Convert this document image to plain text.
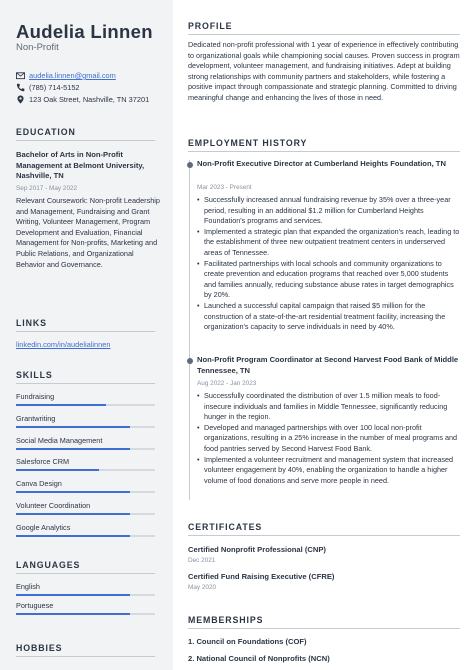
Audelia Linnen
Non-Profit
audelia.linnen@gmail.com
(785) 714-5152
123 Oak Street, Nashville, TN 37201
EDUCATION
Bachelor of Arts in Non-Profit Management at Belmont University, Nashville, TN
Sep 2017 - May 2022
Relevant Coursework: Non-profit Leadership and Management, Fundraising and Grant Writing, Volunteer Management, Program Development and Evaluation, Financial Management for Non-profits, Marketing and Public Relations, and Organizational Behavior and Governance.
LINKS
linkedin.com/in/audelialinnen
SKILLS
Fundraising
Grantwriting
Social Media Management
Salesforce CRM
Canva Design
Volunteer Coordination
Google Analytics
LANGUAGES
English
Portuguese
HOBBIES
PROFILE
Dedicated non-profit professional with 1 year of experience in effectively contributing to organizational goals while championing social causes. Proven success in program development, volunteer management, and fundraising initiatives. Adept at building strong relationships with community partners and stakeholders, while fostering a positive impact through compassionate and strategic planning. Committed to driving meaningful change and enhancing the lives of those in need.
EMPLOYMENT HISTORY
Non-Profit Executive Director at Cumberland Heights Foundation, TN
Mar 2023 - Present
• Successfully increased annual fundraising revenue by 35% over a three-year period, resulting in an additional $1.2 million for Cumberland Heights Foundation's programs and services.
• Implemented a strategic plan that expanded the organization's reach, leading to the establishment of three new outpatient treatment centers in underserved areas of Tennessee.
• Facilitated partnerships with local schools and community organizations to create prevention and education programs that reached over 5,000 students and families annually, reducing substance abuse rates in target demographics by 20%.
• Launched a successful capital campaign that raised $5 million for the construction of a state-of-the-art residential treatment facility, increasing the organization's capacity to serve individuals in need by 40%.
Non-Profit Program Coordinator at Second Harvest Food Bank of Middle Tennessee, TN
Aug 2022 - Jan 2023
• Successfully coordinated the distribution of over 1.5 million meals to food-insecure individuals and families in Middle Tennessee, significantly reducing hunger in the region.
• Developed and managed partnerships with over 100 local non-profit organizations, resulting in a 25% increase in the number of meal programs and food pantries served by Second Harvest Food Bank.
• Implemented a volunteer recruitment and management system that increased volunteer engagement by 40%, enabling the organization to handle a higher volume of food donations and serve more people in need.
CERTIFICATES
Certified Nonprofit Professional (CNP)
Dec 2021
Certified Fund Raising Executive (CFRE)
May 2020
MEMBERSHIPS
1. Council on Foundations (COF)
2. National Council of Nonprofits (NCN)
